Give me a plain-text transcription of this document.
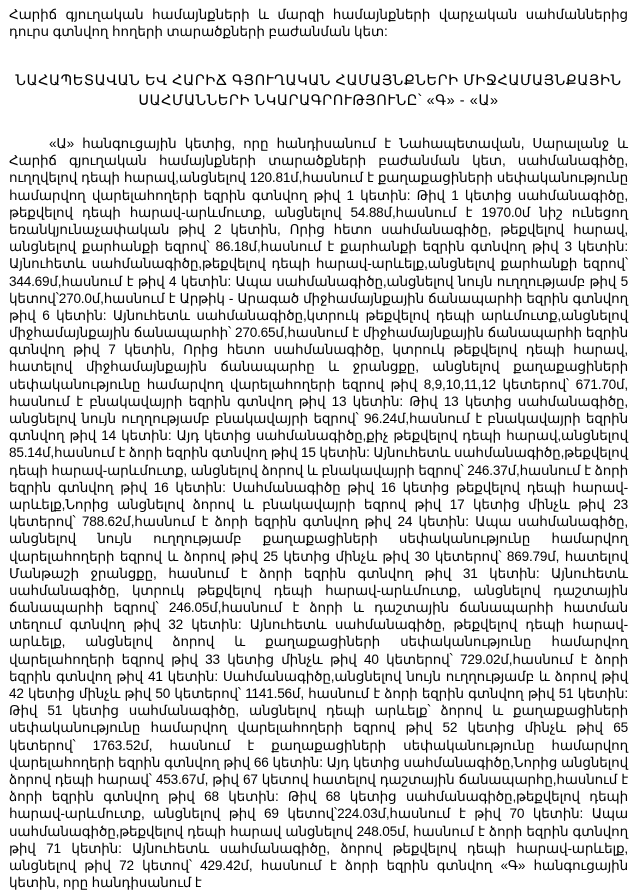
Հարիճ գյուղական համայնքների և մարզի համայնքների վարչական սահմաններից դուրս գտնվող հողերի տարածքների բաժանման կետ:

ՆԱՀԱՊԵՏԱՎԱՆ ԵՎ ՀԱՐԻՃ ԳՅՈՒՂԱԿԱՆ ՀԱՄԱՅՆՔՆԵՐԻ ՄԻՋՀԱՄԱՅՆՔԱՅԻՆ
ՍԱՀՄԱՆՆԵՐԻ ՆԿԱՐԱԳՐՈՒԹՅՈՒՆԸ՝ «Գ» - «Ա»

«Ա» հանգուցային կետից, որը հանդիսանում է Նահապետավան, Սարալանջ և Հարիճ գյուղական համայնքների տարածքների բաժանման կետ, սահմանագիծը, ուղղվելով դեպի հարավ,անցնելով 120.81մ,հասնում է քաղաքացիների սեփականությունը համարվող վարելահողերի եզրին գտնվող թիվ 1 կետին: Թիվ 1 կետից սահմանագիծը, թեքվելով դեպի հարավ-արևմուտք, անցնելով 54.88մ,հասնում է 1970.0մ նիշ ունեցող եռանկյունաչափական թիվ 2 կետին, Որից հետո սահմանագիծը, թեքվելով հարավ, անցնելով քարհանքի եզրով՝ 86.18մ,հասնում է քարհանքի եզրին գտնվող թիվ 3 կետին: Այնուհետև սահմանագիծը,թեքվելով դեպի հարավ-արևելք,անցնելով քարհանքի եզրով՝ 344.69մ,հասնում է թիվ 4 կետին: Ապա սահմանագիծը,անցնելով նույն ուղղությամբ թիվ 5 կետով՝270.0մ,հասնում է Արթիկ - Արագած միջհամայնքային ճանապարհի եզրին գտնվող թիվ 6 կետին: Այնուհետև սահմանագիծը,կտրուկ թեքվելով դեպի արևմուտք,անցնելով միջհամայնքային ճանապարհի՝ 270.65մ,հասնում է միջհամայնքային ճանապարհի եզրին գտնվող թիվ 7 կետին, Որից հետո սահմանագիծը, կտրուկ թեքվելով դեպի հարավ, հատելով միջհամայնքային ճանապարհը և ջրանցքը, անցնելով քաղաքացիների սեփականությունը համարվող վարելահողերի եզրով թիվ 8,9,10,11,12 կետերով՝ 671.70մ, հասնում է բնակավայրի եզրին գտնվող թիվ 13 կետին: Թիվ 13 կետից սահմանագիծը, անցնելով նույն ուղղությամբ բնակավայրի եզրով՝ 96.24մ,հասնում է բնակավայրի եզրին գտնվող թիվ 14 կետին: Այդ կետից սահմանագիծը,քիչ թեքվելով դեպի հարավ,անցնելով 85.14մ,հասնում է ձորի եզրին գտնվող թիվ 15 կետին: Այնուհետև սահմանագիծը,թեքվելով դեպի հարավ-արևմուտք, անցնելով ձորով և բնակավայրի եզրով՝ 246.37մ,հասնում է ձորի եզրին գտնվող թիվ 16 կետին: Սահմանագիծը թիվ 16 կետից թեքվելով դեպի հարավ-արևելք,Նորից անցնելով ձորով և բնակավայրի եզրով թիվ 17 կետից մինչև թիվ 23 կետերով՝ 788.62մ,հասնում է ձորի եզրին գտնվող թիվ 24 կետին: Ապա սահմանագիծը, անցնելով նույն ուղղությամբ քաղաքացիների սեփականությունը համարվող վարելահողերի եզրով և ձորով թիվ 25 կետից մինչև թիվ 30 կետերով՝ 869.79մ, հատելով Մանթաշի ջրանցքը, հասնում է ձորի եզրին գտնվող թիվ 31 կետին: Այնուհետև սահմանագիծը, կտրուկ թեքվելով դեպի հարավ-արևմուտք, անցնելով դաշտային ճանապարհի եզրով՝ 246.05մ,հասնում է ձորի և դաշտային ճանապարհի հատման տեղում գտնվող թիվ 32 կետին: Այնուհետև սահմանագիծը, թեքվելով դեպի հարավ-արևելք, անցնելով ձորով և քաղաքացիների սեփականությունը համարվող վարելահողերի եզրով թիվ 33 կետից մինչև թիվ 40 կետերով՝ 729.02մ,հասնում է ձորի եզրին գտնվող թիվ 41 կետին: Սահմանագիծը,անցնելով նույն ուղղությամբ և ձորով թիվ 42 կետից մինչև թիվ 50 կետերով՝ 1141.56մ, հասնում է ձորի եզրին գտնվող թիվ 51 կետին: Թիվ 51 կետից սահմանագիծը, անցնելով դեպի արևելք՝ ձորով և քաղաքացիների սեփականությունը համարվող վարելահողերի եզրով թիվ 52 կետից մինչև թիվ 65 կետերով՝ 1763.52մ, հասնում է քաղաքացիների սեփականությունը համարվող վարելահողերի եզրին գտնվող թիվ 66 կետին: Այդ կետից սահմանագիծը,Նորից անցնելով ձորով դեպի հարավ՝ 453.67մ, թիվ 67 կետով հատելով դաշտային ճանապարհը,հասնում է ձորի եզրին գտնվող թիվ 68 կետին: Թիվ 68 կետից սահմանագիծը,թեքվելով դեպի հարավ-արևմուտք, անցնելով թիվ 69 կետով՝224.03մ,հասնում է թիվ 70 կետին: Ապա սահմանագիծը,թեքվելով դեպի հարավ անցնելով 248.05մ, հասնում է ձորի եզրին գտնվող թիվ 71 կետին: Այնուհետև սահմանագիծը, ձորով թեքվելով դեպի հարավ-արևելք, անցնելով թիվ 72 կետով՝ 429.42մ, հասնում է ձորի եզրին գտնվող «Գ» հանգուցային կետին, որը հանդիսանում է
